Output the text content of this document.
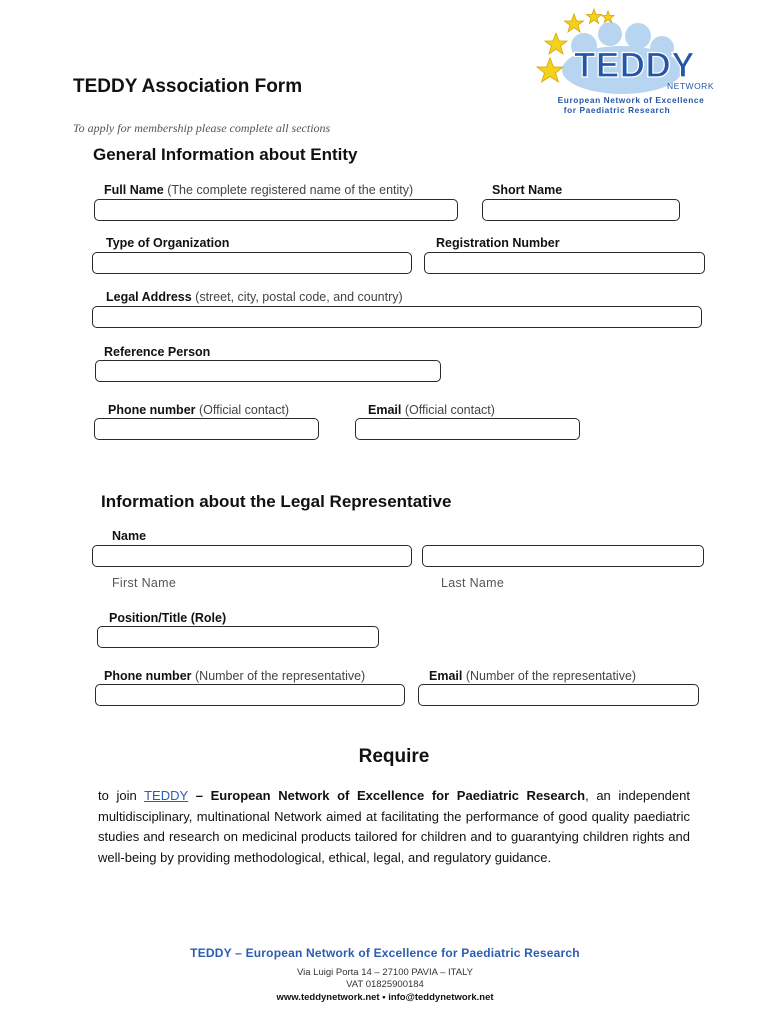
TEDDY
NETWORK
European Network of Excellence
for Paediatric Research
TEDDY Association Form
To apply for membership please complete all sections
General Information about Entity
Full Name (The complete registered name of the entity)	Short Name
Type of Organization	Registration Number
Legal Address (street, city, postal code, and country)
Reference Person
Phone number (Official contact)	Email (Official contact)
Information about the Legal Representative
Name
First Name	Last Name
Position/Title (Role)
Phone number (Number of the representative)	Email (Number of the representative)
Require
to join TEDDY – European Network of Excellence for Paediatric Research, an independent multidisciplinary, multinational Network aimed at facilitating the performance of good quality paediatric studies and research on medicinal products tailored for children and to guarantying children rights and well-being by providing methodological, ethical, legal, and regulatory guidance.
TEDDY – European Network of Excellence for Paediatric Research
Via Luigi Porta 14 – 27100 PAVIA – ITALY
VAT 01825900184
www.teddynetwork.net • info@teddynetwork.net
